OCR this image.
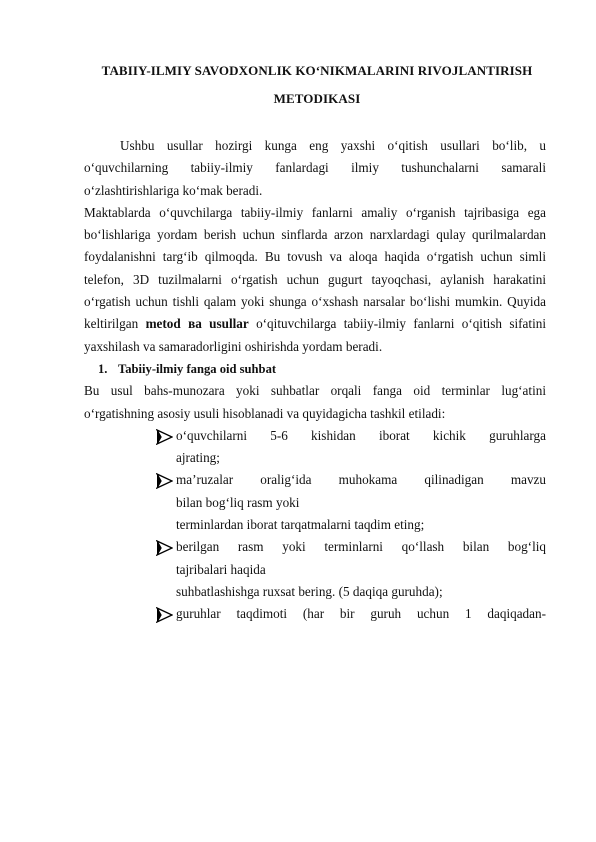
TABIIY-ILMIY SAVODXONLIK KO‘NIKMALARINI RIVOJLANTIRISH
METODIKASI

Ushbu usullar hozirgi kunga eng yaxshi o‘qitish usullari bo‘lib, u o‘quvchilarning tabiiy-ilmiy fanlardagi ilmiy tushunchalarni samarali o‘zlashtirishlariga ko‘mak beradi.

Maktablarda o‘quvchilarga tabiiy-ilmiy fanlarni amaliy o‘rganish tajribasiga ega bo‘lishlariga yordam berish uchun sinflarda arzon narxlardagi qulay qurilmalardan foydalanishni targ‘ib qilmoqda. Bu tovush va aloqa haqida o‘rgatish uchun simli telefon, 3D tuzilmalarni o‘rgatish uchun gugurt tayoqchasi, aylanish harakatini o‘rgatish uchun tishli qalam yoki shunga o‘xshash narsalar bo‘lishi mumkin. Quyida keltirilgan metod ва usullar o‘qituvchilarga tabiiy-ilmiy fanlarni o‘qitish sifatini yaxshilash va samaradorligini oshirishda yordam beradi.

1. Tabiiy-ilmiy fanga oid suhbat

Bu usul bahs-munozara yoki suhbatlar orqali fanga oid terminlar lug‘atini o‘rgatishning asosiy usuli hisoblanadi va quyidagicha tashkil etiladi:

o‘quvchilarni 5-6 kishidan iborat kichik guruhlarga
ajrating;
ma’ruzalar oralig‘ida muhokama qilinadigan mavzu
bilan bog‘liq rasm yoki
terminlardan iborat tarqatmalarni taqdim eting;
berilgan rasm yoki terminlarni qo‘llash bilan bog‘liq
tajribalari haqida
suhbatlashishga ruxsat bering. (5 daqiqa guruhda);
guruhlar taqdimoti (har bir guruh uchun 1 daqiqadan-
